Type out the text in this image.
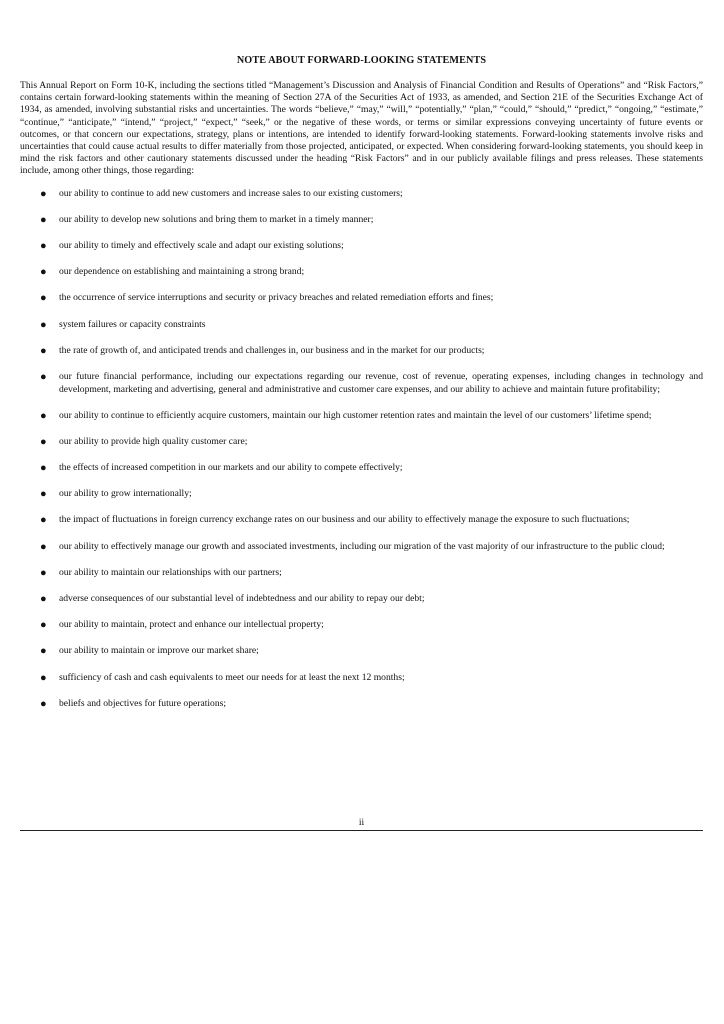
NOTE ABOUT FORWARD-LOOKING STATEMENTS

This Annual Report on Form 10-K, including the sections titled “Management’s Discussion and Analysis of Financial Condition and Results of Operations” and “Risk Factors,” contains certain forward-looking statements within the meaning of Section 27A of the Securities Act of 1933, as amended, and Section 21E of the Securities Exchange Act of 1934, as amended, involving substantial risks and uncertainties. The words “believe,” “may,” “will,” “potentially,” “plan,” “could,” “should,” “predict,” “ongoing,” “estimate,” “continue,” “anticipate,” “intend,” “project,” “expect,” “seek,” or the negative of these words, or terms or similar expressions conveying uncertainty of future events or outcomes, or that concern our expectations, strategy, plans or intentions, are intended to identify forward-looking statements. Forward-looking statements involve risks and uncertainties that could cause actual results to differ materially from those projected, anticipated, or expected. When considering forward-looking statements, you should keep in mind the risk factors and other cautionary statements discussed under the heading “Risk Factors” and in our publicly available filings and press releases. These statements include, among other things, those regarding:

● our ability to continue to add new customers and increase sales to our existing customers;
● our ability to develop new solutions and bring them to market in a timely manner;
● our ability to timely and effectively scale and adapt our existing solutions;
● our dependence on establishing and maintaining a strong brand;
● the occurrence of service interruptions and security or privacy breaches and related remediation efforts and fines;
● system failures or capacity constraints
● the rate of growth of, and anticipated trends and challenges in, our business and in the market for our products;
● our future financial performance, including our expectations regarding our revenue, cost of revenue, operating expenses, including changes in technology and development, marketing and advertising, general and administrative and customer care expenses, and our ability to achieve and maintain future profitability;
● our ability to continue to efficiently acquire customers, maintain our high customer retention rates and maintain the level of our customers’ lifetime spend;
● our ability to provide high quality customer care;
● the effects of increased competition in our markets and our ability to compete effectively;
● our ability to grow internationally;
● the impact of fluctuations in foreign currency exchange rates on our business and our ability to effectively manage the exposure to such fluctuations;
● our ability to effectively manage our growth and associated investments, including our migration of the vast majority of our infrastructure to the public cloud;
● our ability to maintain our relationships with our partners;
● adverse consequences of our substantial level of indebtedness and our ability to repay our debt;
● our ability to maintain, protect and enhance our intellectual property;
● our ability to maintain or improve our market share;
● sufficiency of cash and cash equivalents to meet our needs for at least the next 12 months;
● beliefs and objectives for future operations;
ii
